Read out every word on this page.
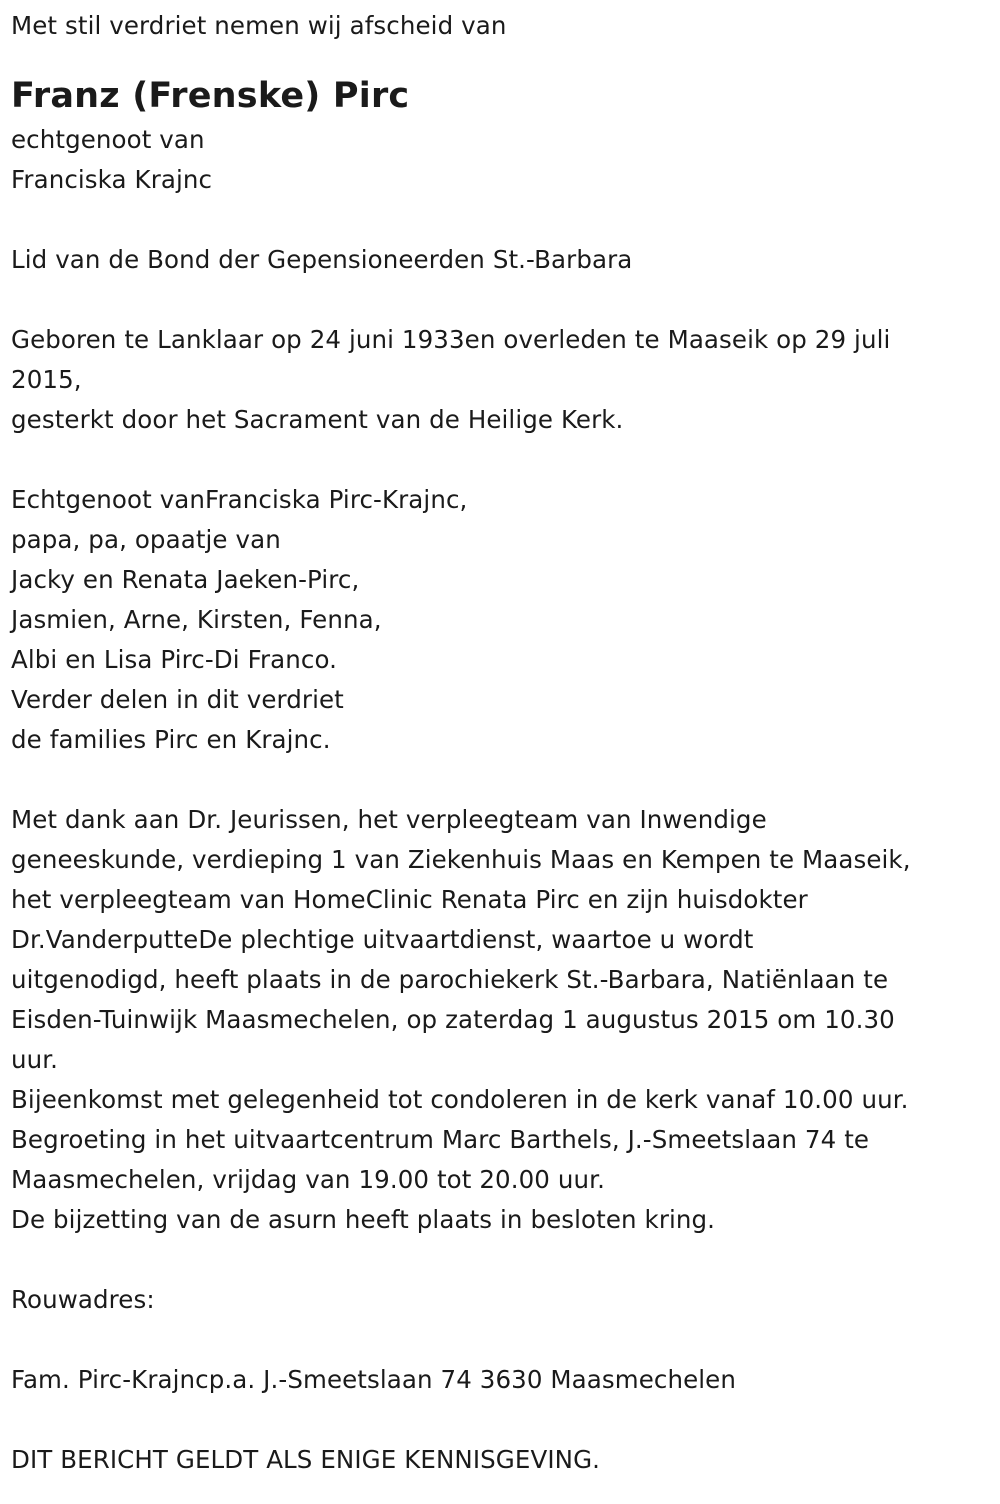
Met stil verdriet nemen wij afscheid van
Franz (Frenske) Pirc
echtgenoot van
Franciska Krajnc
Lid van de Bond der Gepensioneerden St.-Barbara
Geboren te Lanklaar op 24 juni 1933en overleden te Maaseik op 29 juli
2015,
gesterkt door het Sacrament van de Heilige Kerk.
Echtgenoot vanFranciska Pirc-Krajnc,
papa, pa, opaatje van
Jacky en Renata Jaeken-Pirc,
Jasmien, Arne, Kirsten, Fenna,
Albi en Lisa Pirc-Di Franco.
Verder delen in dit verdriet
de families Pirc en Krajnc.
Met dank aan Dr. Jeurissen, het verpleegteam van Inwendige
geneeskunde, verdieping 1 van Ziekenhuis Maas en Kempen te Maaseik,
het verpleegteam van HomeClinic Renata Pirc en zijn huisdokter
Dr.VanderputteDe plechtige uitvaartdienst, waartoe u wordt
uitgenodigd, heeft plaats in de parochiekerk St.-Barbara, Natiënlaan te
Eisden-Tuinwijk Maasmechelen, op zaterdag 1 augustus 2015 om 10.30
uur.
Bijeenkomst met gelegenheid tot condoleren in de kerk vanaf 10.00 uur.
Begroeting in het uitvaartcentrum Marc Barthels, J.-Smeetslaan 74 te
Maasmechelen, vrijdag van 19.00 tot 20.00 uur.
De bijzetting van de asurn heeft plaats in besloten kring.
Rouwadres:
Fam. Pirc-Krajncp.a. J.-Smeetslaan 74 3630 Maasmechelen
DIT BERICHT GELDT ALS ENIGE KENNISGEVING.
